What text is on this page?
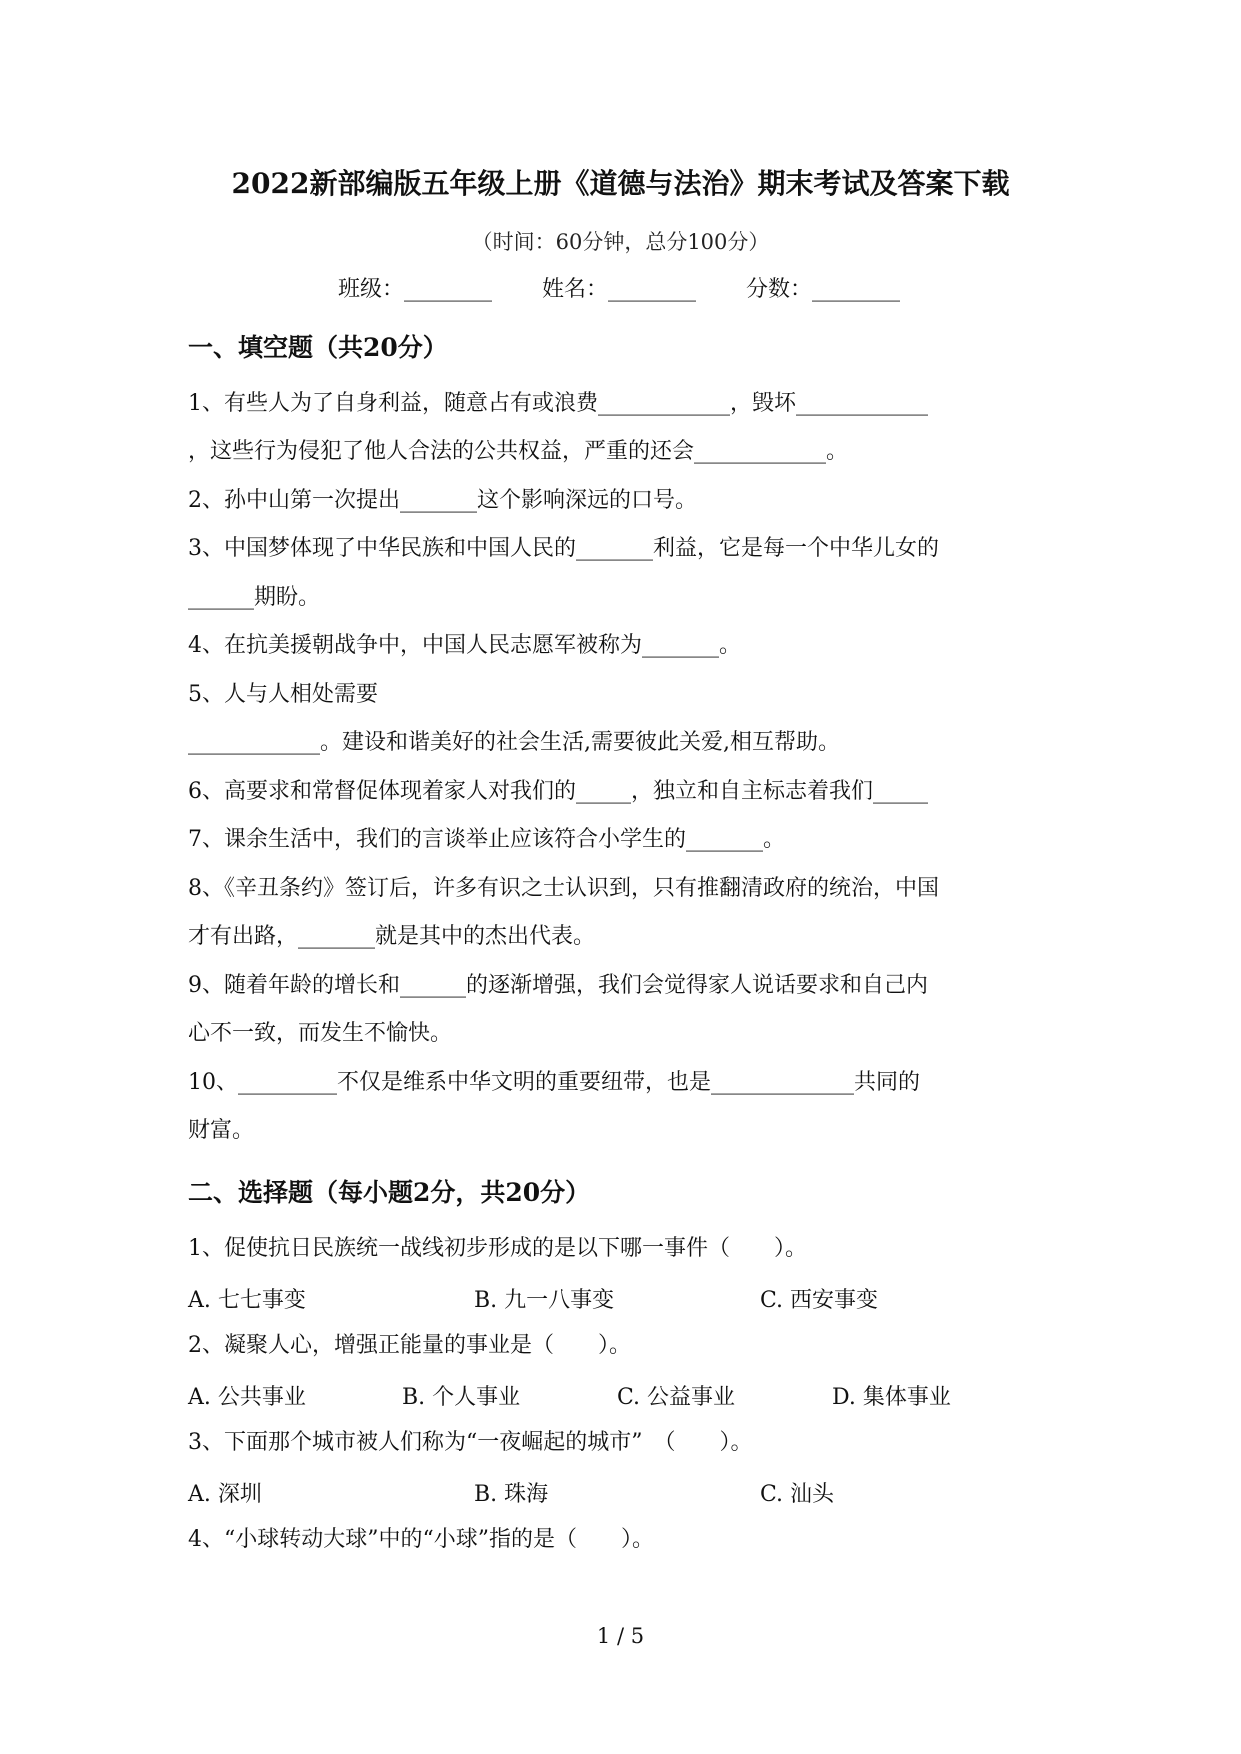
2022新部编版五年级上册《道德与法治》期末考试及答案下载
（时间：60分钟，总分100分）
班级：________ 姓名：________ 分数：________
一、填空题（共20分）
1、有些人为了自身利益，随意占有或浪费____________，毁坏____________
，这些行为侵犯了他人合法的公共权益，严重的还会____________。
2、孙中山第一次提出_______这个影响深远的口号。
3、中国梦体现了中华民族和中国人民的_______利益，它是每一个中华儿女的
______期盼。
4、在抗美援朝战争中，中国人民志愿军被称为_______。
5、人与人相处需要
____________。建设和谐美好的社会生活,需要彼此关爱,相互帮助。
6、高要求和常督促体现着家人对我们的_____，独立和自主标志着我们_____
7、课余生活中，我们的言谈举止应该符合小学生的_______。
8、《辛丑条约》签订后，许多有识之士认识到，只有推翻清政府的统治，中国
才有出路，_______就是其中的杰出代表。
9、随着年龄的增长和______的逐渐增强，我们会觉得家人说话要求和自己内
心不一致，而发生不愉快。
10、_________不仅是维系中华文明的重要纽带，也是_____________共同的
财富。
二、选择题（每小题2分，共20分）
1、促使抗日民族统一战线初步形成的是以下哪一事件（　　）。
A. 七七事变	B. 九一八事变	C. 西安事变
2、凝聚人心，增强正能量的事业是（　　）。
A. 公共事业	B. 个人事业	C. 公益事业	D. 集体事业
3、下面那个城市被人们称为“一夜崛起的城市”　（　　）。
A. 深圳	B. 珠海	C. 汕头
4、“小球转动大球”中的“小球”指的是（　　）。
1 / 5
